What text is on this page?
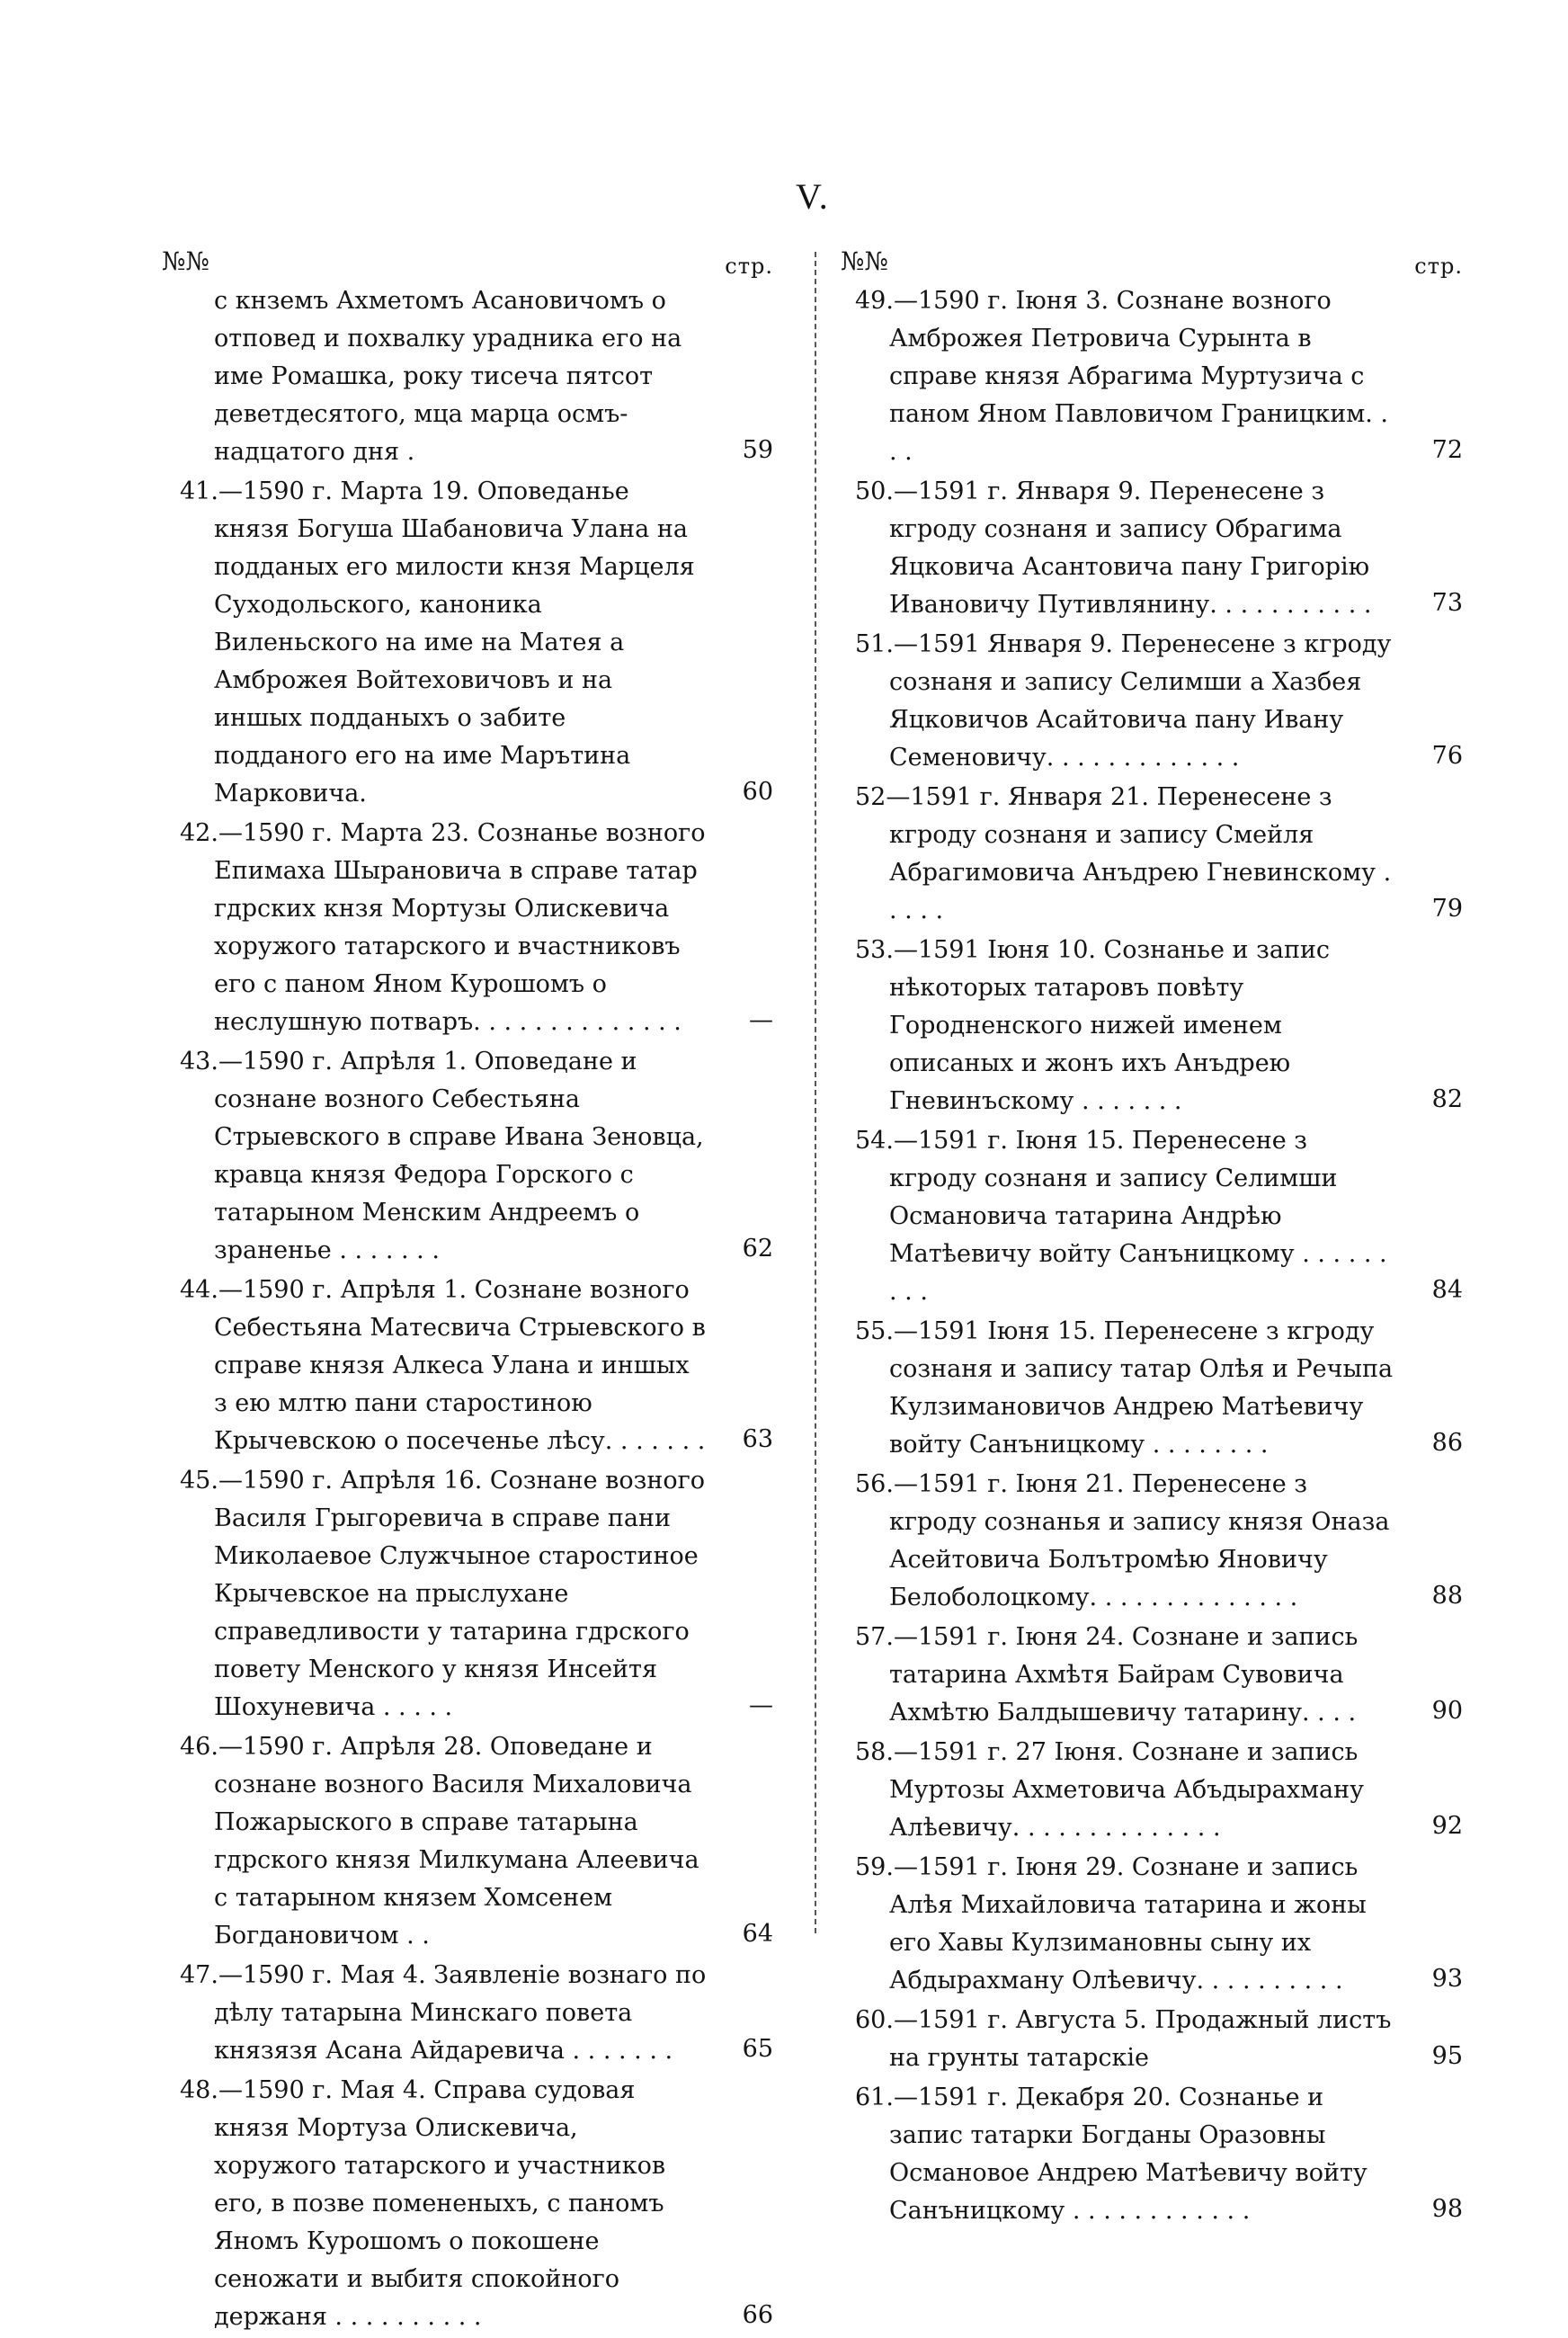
V.
№№	стр.
с кнземъ Ахметомъ Асановичомъ о отповед и похвалку урадника его на име Ромашка, року тисеча пятсот деветдесятого, мца марца осмънадцатого дня .	59
41.—1590 г. Марта 19. Оповеданье князя Богуша Шабановича Улана на подданых его милости кнзя Марцеля Суходольского, каноника Виленьского на име на Матея а Амброжея Войтеховичовъ и на иншых подданыхъ о забите подданого его на име Марътина Марковича.	60
42.—1590 г. Марта 23. Сознанье возного Епимаха Шырановича в справе татар гдрских кнзя Мортузы Олискевича хоружого татарского и вчастниковъ его с паном Яном Курошомъ о неслушную потваръ. . . . . . . . . . . . . .	—
43.—1590 г. Апрѣля 1. Оповедане и сознане возного Себестьяна Стрыевского в справе Ивана Зеновца, кравца князя Федора Горского с татарыном Менским Андреемъ о зраненье . . . . . . .	62
44.—1590 г. Апрѣля 1. Сознане возного Себестьяна Матесвича Стрыевского в справе князя Алкеса Улана и иншых з ею млтю пани старостиною Крычевскою о посеченье лѣсу. . . . . . . 63
45.—1590 г. Апрѣля 16. Сознане возного Василя Грыгоревича в справе пани Миколаевое Служчыное старостиное Крычевское на прыслухане справедливости у татарина гдрского повету Менского у князя Инсейтя Шохуневича . . . . .	—
46.—1590 г. Апрѣля 28. Оповедане и сознане возного Василя Михаловича Пожарыского в справе татарына гдрского князя Милкумана Алеевича с татарыном князем Хомсенем Богдановичом . .	64
47.—1590 г. Мая 4. Заявленіе вознаго по дѣлу татарына Минскаго повета князязя Асана Айдаревича . . . . . . .	65
48.—1590 г. Мая 4. Справа судовая князя Мортуза Олискевича, хоружого татарского и участников его, в позве помененыхъ, с паномъ Яномъ Курошомъ о покошене сеножати и выбитя спокойного держаня . . . . . . . . . .	66
№№	стр.
49.—1590 г. Іюня 3. Сознане возного Амброжея Петровича Сурынта в справе князя Абрагима Муртузича с паном Яном Павловичом Границким. . . .	72
50.—1591 г. Января 9. Перенесене з кгроду сознаня и запису Обрагима Яцковича Асантовича пану Григорію Ивановичу Путивлянину. . . . . . . . . . .	73
51.—1591 Января 9. Перенесене з кгроду сознаня и запису Селимши а Хазбея Яцковичов Асайтовича пану Ивану Семеновичу. . . . . . . . . . . . .	76
52—1591 г. Января 21. Перенесене з кгроду сознаня и запису Смейля Абрагимовича Анъдрею Гневинскому . . . . .	79
53.—1591 Іюня 10. Сознанье и запис нѣкоторых татаровъ повѣту Городненского нижей именем описаных и жонъ ихъ Анъдрею Гневинъскому . . . . . . .	82
54.—1591 г. Іюня 15. Перенесене з кгроду сознаня и запису Селимши Османовича татарина Андрѣю Матѣевичу войту Санъницкому . . . . . . . . .	84
55.—1591 Іюня 15. Перенесене з кгроду сознаня и запису татар Олѣя и Речыпа Кулзимановичов Андрею Матѣевичу войту Санъницкому . . . . . . . .	86
56.—1591 г. Іюня 21. Перенесене з кгроду сознанья и запису князя Оназа Асейтовича Болътромѣю Яновичу Белоболоцкому. . . . . . . . . . . . . .	88
57.—1591 г. Іюня 24. Сознане и запись татарина Ахмѣтя Байрам Сувовича Ахмѣтю Балдышевичу татарину. . . .	90
58.—1591 г. 27 Іюня. Сознане и запись Муртозы Ахметовича Абъдырахману Алѣевичу. . . . . . . . . . . . . .	92
59.—1591 г. Іюня 29. Сознане и запись Алѣя Михайловича татарина и жоны его Хавы Кулзимановны сыну их Абдырахману Олѣевичу. . . . . . . . . .	93
60.—1591 г. Августа 5. Продажный листъ на грунты татарскіе	95
61.—1591 г. Декабря 20. Сознанье и запис татарки Богданы Оразовны Османовое Андрею Матѣевичу войту Санъницкому . . . . . . . . . . . .	98
